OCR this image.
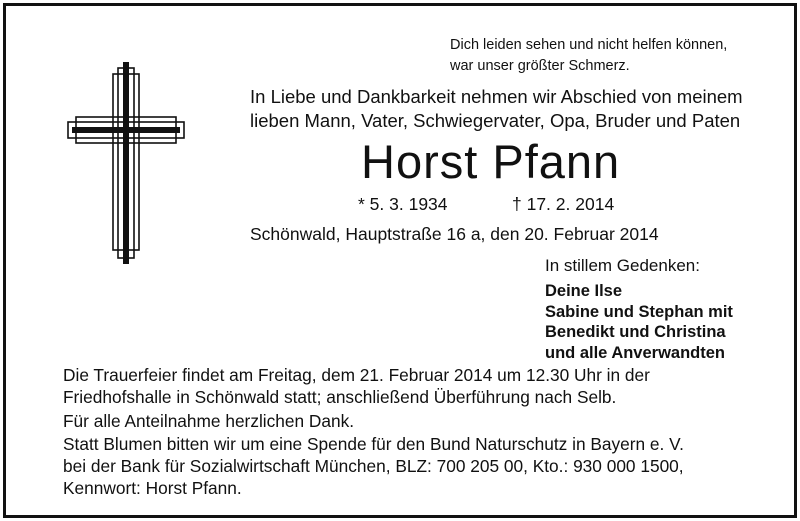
Dich leiden sehen und nicht helfen können,
war unser größter Schmerz.
In Liebe und Dankbarkeit nehmen wir Abschied von meinem
lieben Mann, Vater, Schwiegervater, Opa, Bruder und Paten
Horst Pfann
* 5. 3. 1934	† 17. 2. 2014
Schönwald, Hauptstraße 16 a, den 20. Februar 2014
In stillem Gedenken:
Deine Ilse
Sabine und Stephan mit
Benedikt und Christina
und alle Anverwandten
Die Trauerfeier findet am Freitag, dem 21. Februar 2014 um 12.30 Uhr in der
Friedhofshalle in Schönwald statt; anschließend Überführung nach Selb.
Für alle Anteilnahme herzlichen Dank.
Statt Blumen bitten wir um eine Spende für den Bund Naturschutz in Bayern e. V.
bei der Bank für Sozialwirtschaft München, BLZ: 700 205 00, Kto.: 930 000 1500,
Kennwort: Horst Pfann.
